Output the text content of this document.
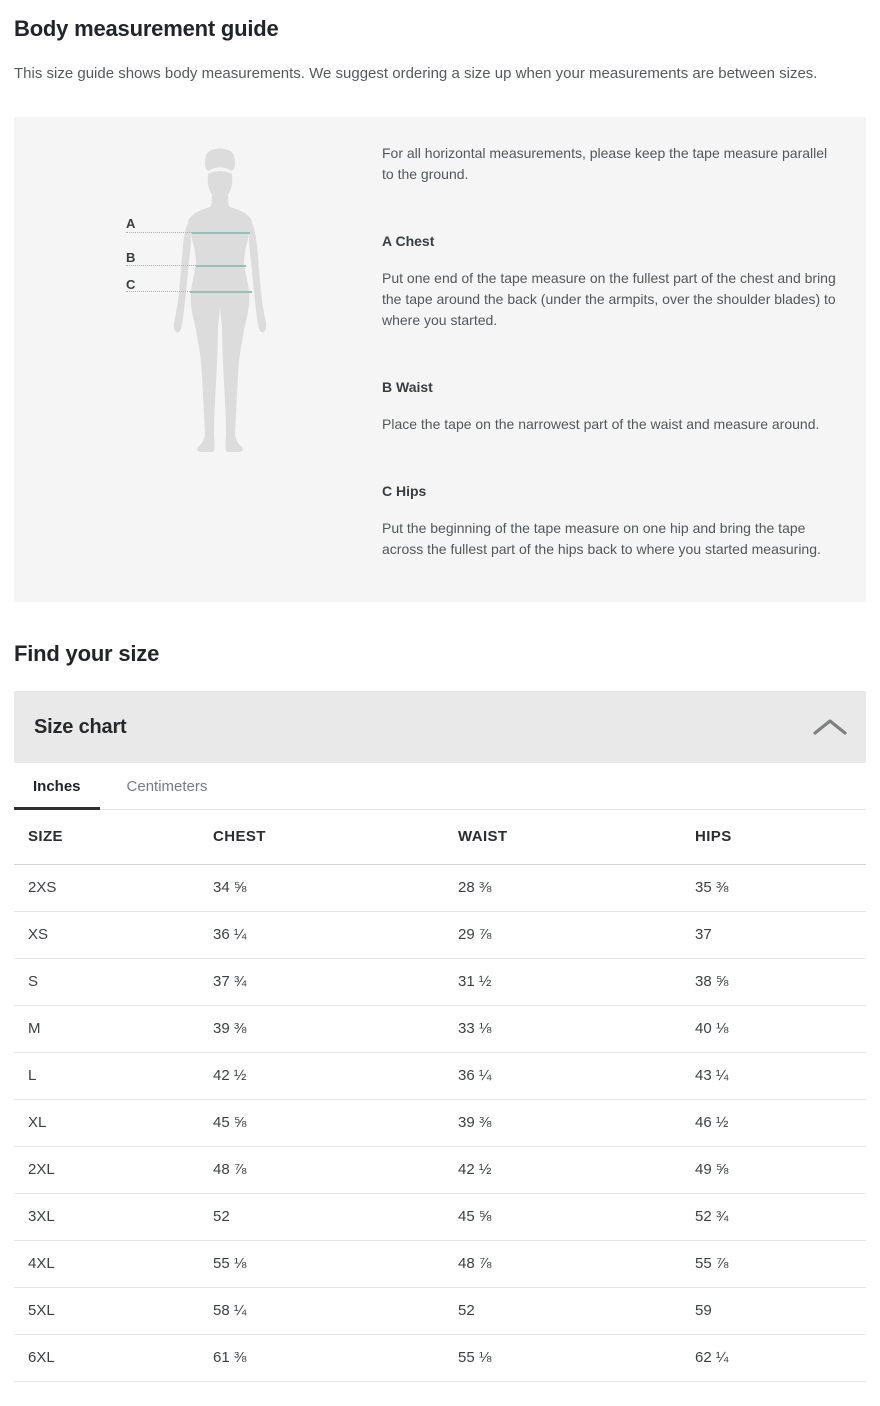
Body measurement guide

This size guide shows body measurements. We suggest ordering a size up when your measurements are between sizes.

A
B
C

For all horizontal measurements, please keep the tape measure parallel to the ground.

A Chest

Put one end of the tape measure on the fullest part of the chest and bring the tape around the back (under the armpits, over the shoulder blades) to where you started.

B Waist

Place the tape on the narrowest part of the waist and measure around.

C Hips

Put the beginning of the tape measure on one hip and bring the tape across the fullest part of the hips back to where you started measuring.

Find your size
Size chart
Inches	Centimeters
SIZE	CHEST	WAIST	HIPS
2XS	34 ⅝	28 ⅜	35 ⅜
XS	36 ¼	29 ⅞	37
S	37 ¾	31 ½	38 ⅝
M	39 ⅜	33 ⅛	40 ⅛
L	42 ½	36 ¼	43 ¼
XL	45 ⅝	39 ⅜	46 ½
2XL	48 ⅞	42 ½	49 ⅝
3XL	52	45 ⅝	52 ¾
4XL	55 ⅛	48 ⅞	55 ⅞
5XL	58 ¼	52	59
6XL	61 ⅜	55 ⅛	62 ¼
